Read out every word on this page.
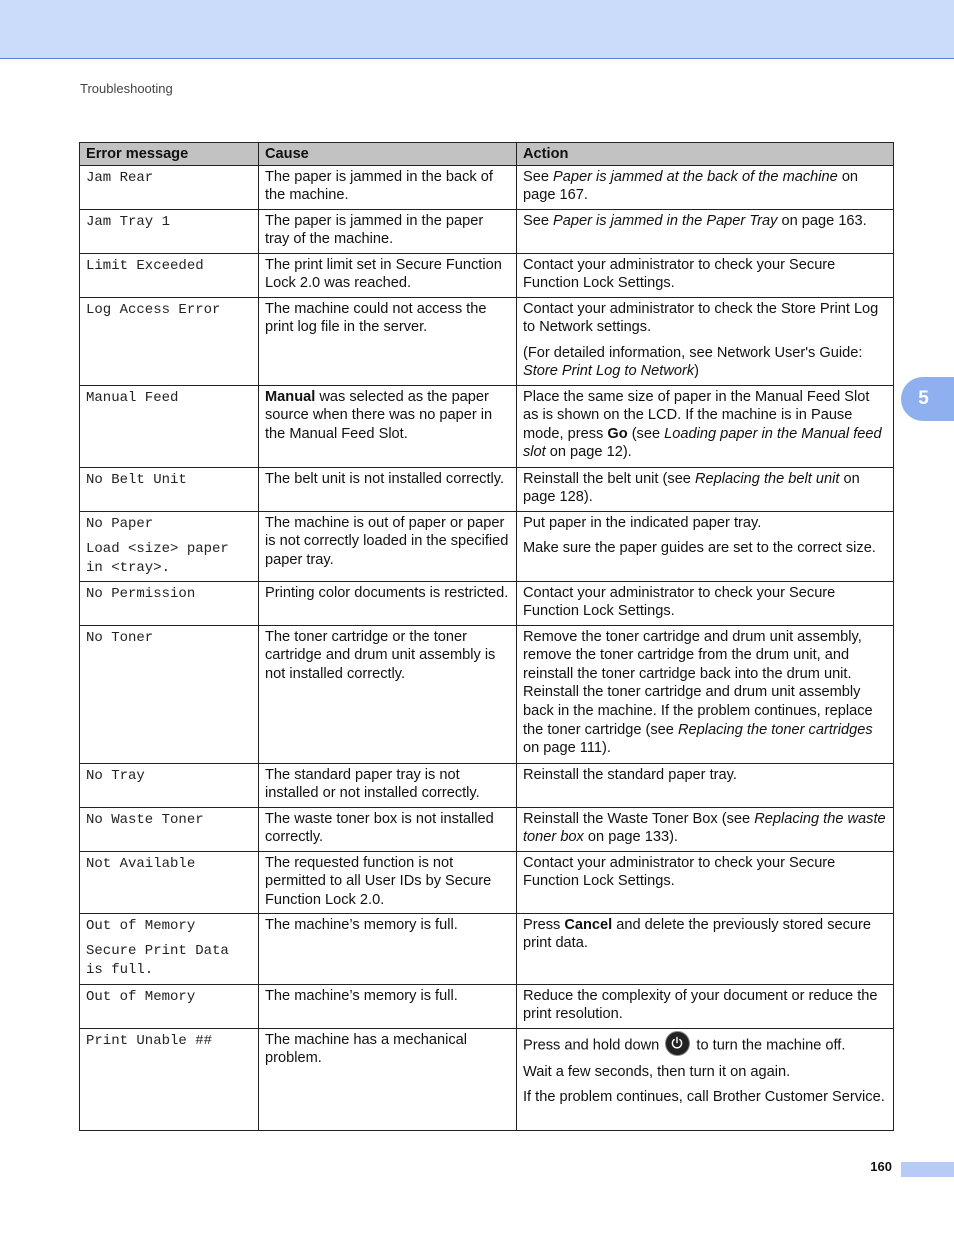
Troubleshooting
5
Error message	Cause	Action

Jam Rear	The paper is jammed in the back of the machine.	See Paper is jammed at the back of the machine on page 167.

Jam Tray 1	The paper is jammed in the paper tray of the machine.	See Paper is jammed in the Paper Tray on page 163.

Limit Exceeded	The print limit set in Secure Function Lock 2.0 was reached.	Contact your administrator to check your Secure Function Lock Settings.

Log Access Error	The machine could not access the print log file in the server.	Contact your administrator to check the Store Print Log to Network settings.
(For detailed information, see Network User's Guide: Store Print Log to Network)

Manual Feed	Manual was selected as the paper source when there was no paper in the Manual Feed Slot.	Place the same size of paper in the Manual Feed Slot as is shown on the LCD. If the machine is in Pause mode, press Go (see Loading paper in the Manual feed slot on page 12).

No Belt Unit	The belt unit is not installed correctly.	Reinstall the belt unit (see Replacing the belt unit on page 128).

No Paper
Load <size> paper in <tray>.	The machine is out of paper or paper is not correctly loaded in the specified paper tray.	Put paper in the indicated paper tray.
Make sure the paper guides are set to the correct size.

No Permission	Printing color documents is restricted.	Contact your administrator to check your Secure Function Lock Settings.

No Toner	The toner cartridge or the toner cartridge and drum unit assembly is not installed correctly.	Remove the toner cartridge and drum unit assembly, remove the toner cartridge from the drum unit, and reinstall the toner cartridge back into the drum unit. Reinstall the toner cartridge and drum unit assembly back in the machine. If the problem continues, replace the toner cartridge (see Replacing the toner cartridges on page 111).

No Tray	The standard paper tray is not installed or not installed correctly.	Reinstall the standard paper tray.

No Waste Toner	The waste toner box is not installed correctly.	Reinstall the Waste Toner Box (see Replacing the waste toner box on page 133).

Not Available	The requested function is not permitted to all User IDs by Secure Function Lock 2.0.	Contact your administrator to check your Secure Function Lock Settings.

Out of Memory
Secure Print Data is full.	The machine’s memory is full.	Press Cancel and delete the previously stored secure print data.

Out of Memory	The machine’s memory is full.	Reduce the complexity of your document or reduce the print resolution.

Print Unable ##	The machine has a mechanical problem.	Press and hold down
to turn the machine off.
Wait a few seconds, then turn it on again.
If the problem continues, call Brother Customer Service.
160
